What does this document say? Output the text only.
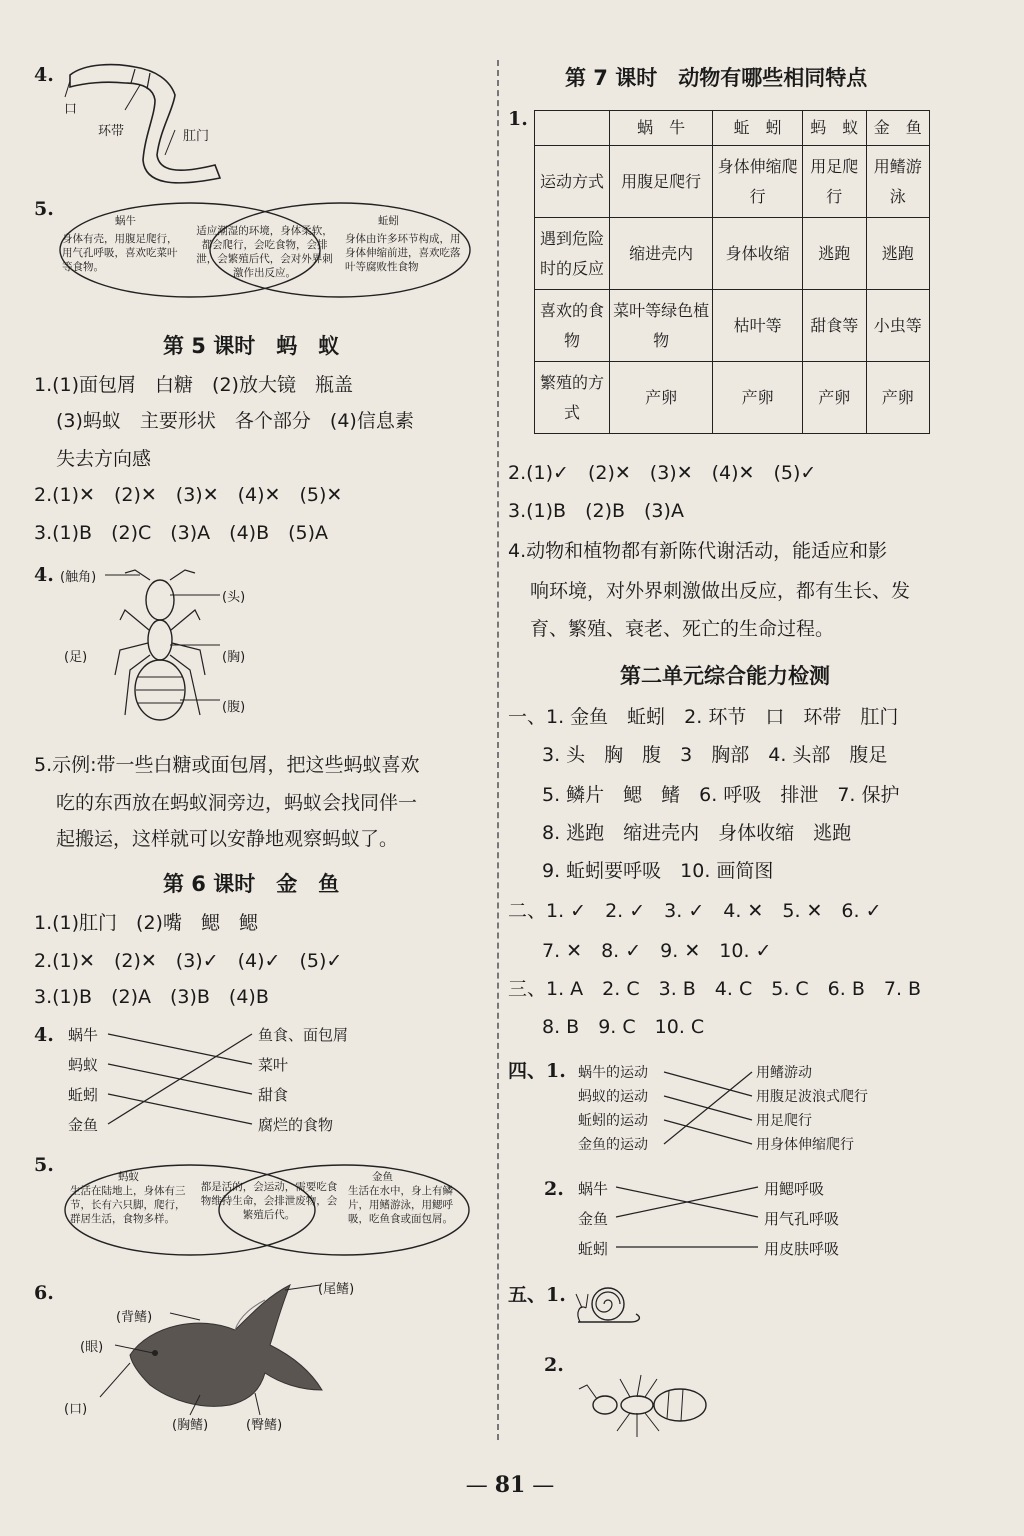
4.
口
环带	肛门
5.
蜗牛
身体有壳，用腹足爬行，用气孔呼吸，喜欢吃菜叶等食物。
适应潮湿的环境，身体柔软，都会爬行，会吃食物，会排泄，会繁殖后代，会对外界刺激作出反应。
蚯蚓
身体由许多环节构成，用身体伸缩前进，喜欢吃落叶等腐败性食物
第 5 课时　蚂　蚁
1.(1)面包屑　白糖　(2)放大镜　瓶盖
(3)蚂蚁　主要形状　各个部分　(4)信息素
失去方向感
2.(1)✕　(2)✕　(3)✕　(4)✕　(5)✕
3.(1)B　(2)C　(3)A　(4)B　(5)A
4. (触角)
(头)
(足)	(胸)
(腹)
5.示例:带一些白糖或面包屑，把这些蚂蚁喜欢
吃的东西放在蚂蚁洞旁边，蚂蚁会找同伴一
起搬运，这样就可以安静地观察蚂蚁了。
第 6 课时　金　鱼
1.(1)肛门　(2)嘴　鳃　鳃
2.(1)✕　(2)✕　(3)✓　(4)✓　(5)✓
3.(1)B　(2)A　(3)B　(4)B
4. 蜗牛
蚂蚁
蚯蚓
金鱼
鱼食、面包屑
菜叶
甜食
腐烂的食物
5.
蚂蚁
生活在陆地上，身体有三节，长有六只脚，爬行，群居生活，食物多样。
都是活的，会运动，需要吃食物维持生命，会排泄废物，会繁殖后代。
金鱼
生活在水中，身上有鳞片，用鳍游泳，用鳃呼吸，吃鱼食或面包屑。
6.	(尾鳍)
(背鳍)
(眼)
(口)
(胸鳍)	(臀鳍)
第 7 课时　动物有哪些相同特点
1.
		蜗　牛	蚯　蚓	蚂　蚁	金　鱼
运动方式	用腹足爬行	身体伸缩爬行	用足爬行	用鳍游泳
遇到危险时的反应	缩进壳内	身体收缩	逃跑	逃跑
喜欢的食物	菜叶等绿色植物	枯叶等	甜食等	小虫等
繁殖的方式	产卵	产卵	产卵	产卵
2.(1)✓　(2)✕　(3)✕　(4)✕　(5)✓
3.(1)B　(2)B　(3)A
4.动物和植物都有新陈代谢活动，能适应和影
响环境，对外界刺激做出反应，都有生长、发
育、繁殖、衰老、死亡的生命过程。
第二单元综合能力检测
一、1. 金鱼　蚯蚓　2. 环节　口　环带　肛门
3. 头　胸　腹　3　胸部　4. 头部　腹足
5. 鳞片　鳃　鳍　6. 呼吸　排泄　7. 保护
8. 逃跑　缩进壳内　身体收缩　逃跑
9. 蚯蚓要呼吸　10. 画简图
二、1. ✓　2. ✓　3. ✓　4. ✕　5. ✕　6. ✓
7. ✕　8. ✓　9. ✕　10. ✓
三、1. A　2. C　3. B　4. C　5. C　6. B　7. B
8. B　9. C　10. C
四、1. 蜗牛的运动
蚂蚁的运动
蚯蚓的运动
金鱼的运动
用鳍游动
用腹足波浪式爬行
用足爬行
用身体伸缩爬行
2. 蜗牛
金鱼
蚯蚓
用鳃呼吸
用气孔呼吸
用皮肤呼吸
五、1.
2.
— 81 —
